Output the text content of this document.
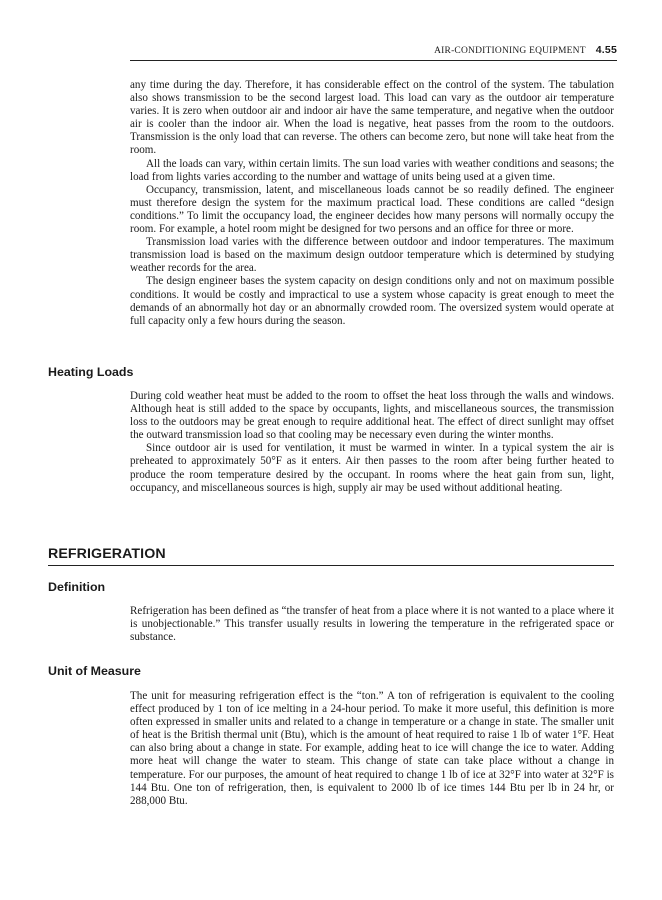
AIR-CONDITIONING EQUIPMENT 4.55

any time during the day. Therefore, it has considerable effect on the control of the system. The tabulation also shows transmission to be the second largest load. This load can vary as the outdoor air temperature varies. It is zero when outdoor air and indoor air have the same temperature, and negative when the outdoor air is cooler than the indoor air. When the load is negative, heat passes from the room to the outdoors. Transmission is the only load that can reverse. The others can become zero, but none will take heat from the room.

All the loads can vary, within certain limits. The sun load varies with weather conditions and seasons; the load from lights varies according to the number and wattage of units being used at a given time.

Occupancy, transmission, latent, and miscellaneous loads cannot be so readily defined. The engineer must therefore design the system for the maximum practical load. These conditions are called “design conditions.” To limit the occupancy load, the engineer decides how many persons will normally occupy the room. For example, a hotel room might be designed for two persons and an office for three or more.

Transmission load varies with the difference between outdoor and indoor temperatures. The maximum transmission load is based on the maximum design outdoor temperature which is determined by studying weather records for the area.

The design engineer bases the system capacity on design conditions only and not on maximum possible conditions. It would be costly and impractical to use a system whose capacity is great enough to meet the demands of an abnormally hot day or an abnormally crowded room. The oversized system would operate at full capacity only a few hours during the season.

Heating Loads

During cold weather heat must be added to the room to offset the heat loss through the walls and windows. Although heat is still added to the space by occupants, lights, and miscellaneous sources, the transmission loss to the outdoors may be great enough to require additional heat. The effect of direct sunlight may offset the outward transmission load so that cooling may be necessary even during the winter months.

Since outdoor air is used for ventilation, it must be warmed in winter. In a typical system the air is preheated to approximately 50°F as it enters. Air then passes to the room after being further heated to produce the room temperature desired by the occupant. In rooms where the heat gain from sun, light, occupancy, and miscellaneous sources is high, supply air may be used without additional heating.

REFRIGERATION
Definition

Refrigeration has been defined as “the transfer of heat from a place where it is not wanted to a place where it is unobjectionable.” This transfer usually results in lowering the temperature in the refrigerated space or substance.

Unit of Measure

The unit for measuring refrigeration effect is the “ton.” A ton of refrigeration is equivalent to the cooling effect produced by 1 ton of ice melting in a 24-hour period. To make it more useful, this definition is more often expressed in smaller units and related to a change in temperature or a change in state. The smaller unit of heat is the British thermal unit (Btu), which is the amount of heat required to raise 1 lb of water 1°F. Heat can also bring about a change in state. For example, adding heat to ice will change the ice to water. Adding more heat will change the water to steam. This change of state can take place without a change in temperature. For our purposes, the amount of heat required to change 1 lb of ice at 32°F into water at 32°F is 144 Btu. One ton of refrigeration, then, is equivalent to 2000 lb of ice times 144 Btu per lb in 24 hr, or 288,000 Btu.
